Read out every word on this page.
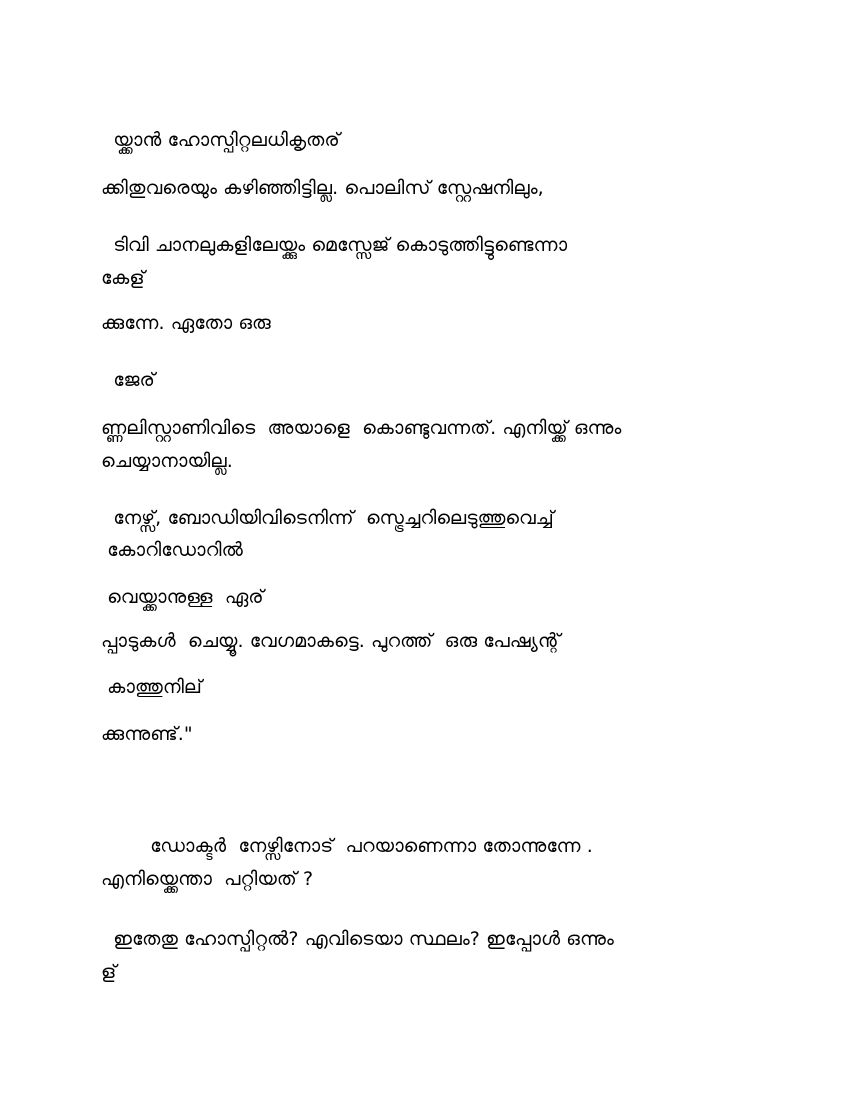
യ്ക്കാൻ ഹോസ്പിറ്റലധികൃതര്
ക്കിതുവരെയും കഴിഞ്ഞിട്ടില്ല. പൊലിസ് സ്റ്റേഷനിലും,
ടിവി ചാനലുകളിലേയ്ക്കും മെസ്സേജ് കൊടുത്തിട്ടുണ്ടെന്നാ
കേള്
ക്കുന്നേ. ഏതോ ഒരു
ജേര്
ണ്ണലിസ്റ്റാണിവിടെ  അയാളെ  കൊണ്ടുവന്നത്. എനിയ്ക്ക് ഒന്നും
ചെയ്യാനായില്ല.
നേഴ്സ്, ബോഡിയിവിടെനിന്ന്  സ്ട്രെച്ചറിലെടുത്തുവെച്ച്
കോറിഡോറിൽ
വെയ്ക്കാനുള്ള  ഏര്
പ്പാടുകൾ  ചെയ്യൂ. വേഗമാകട്ടെ. പുറത്ത്  ഒരു പേഷ്യന്റ്
കാത്തുനില്
ക്കുന്നുണ്ട്."
ഡോക്ടർ  നേഴ്സിനോട്  പറയാണെന്നാ തോന്നുന്നേ .
എനിയ്ക്കെന്താ  പറ്റിയത് ?
ഇതേതു ഹോസ്പിറ്റൽ? എവിടെയാ സ്ഥലം? ഇപ്പോൾ ഒന്നും
ള്
